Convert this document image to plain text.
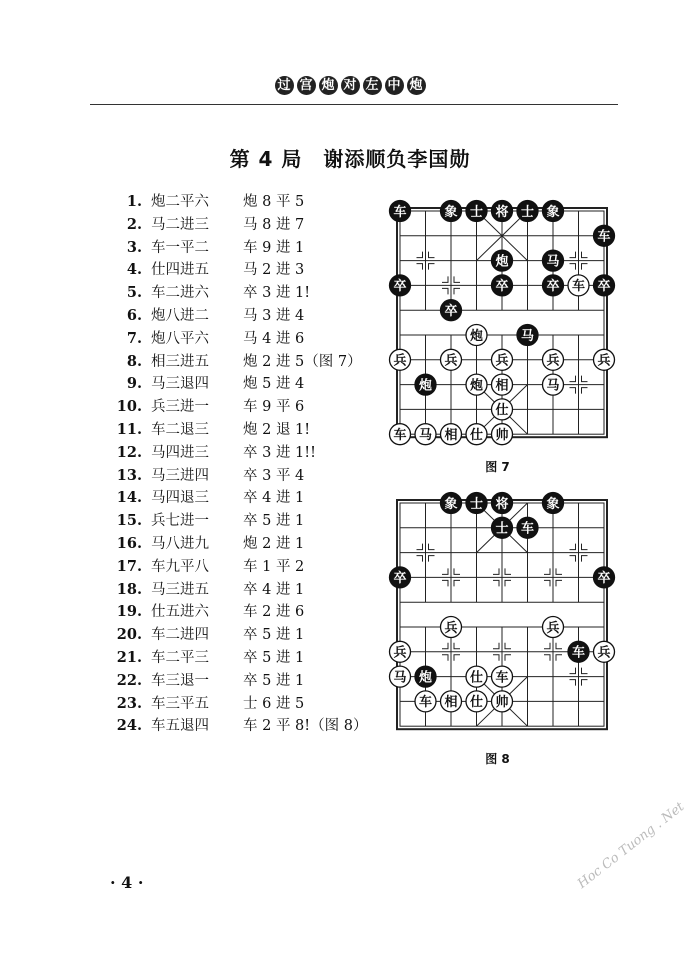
过 宫 炮 对 左 中 炮
第 4 局　谢添顺负李国勋
1. 炮二平六 炮 8 平 5
2. 马二进三 马 8 进 7
3. 车一平二 车 9 进 1
4. 仕四进五 马 2 进 3
5. 车二进六 卒 3 进 1!
6. 炮八进二 马 3 进 4
7. 炮八平六 马 4 进 6
8. 相三进五 炮 2 进 5（图 7）
9. 马三退四 炮 5 进 4
10. 兵三进一 车 9 平 6
11. 车二退三 炮 2 退 1!
12. 马四进三 卒 3 进 1!!
13. 马三进四 卒 3 平 4
14. 马四退三 卒 4 进 1
15. 兵七进一 卒 5 进 1
16. 马八进九 炮 2 进 1
17. 车九平八 车 1 平 2
18. 马三进五 卒 4 进 1
19. 仕五进六 车 2 进 6
20. 车二进四 卒 5 进 1
21. 车二平三 卒 5 进 1
22. 车三退一 卒 5 进 1
23. 车三平五 士 6 进 5
24. 车五退四 车 2 平 8!（图 8）
车	象 士 将 士 象
车
炮	马
卒	卒	卒 车 卒
卒
炮	马
兵	兵	兵	兵	兵
炮	炮 相	马
仕
车 马 相 仕 帅
图 7
象 士 将	象
士 车
卒	卒
兵	兵
兵	车 兵
马 炮	仕 车
车 相 仕 帅
图 8
· 4 ·	Hoc Co Tuong . Net
